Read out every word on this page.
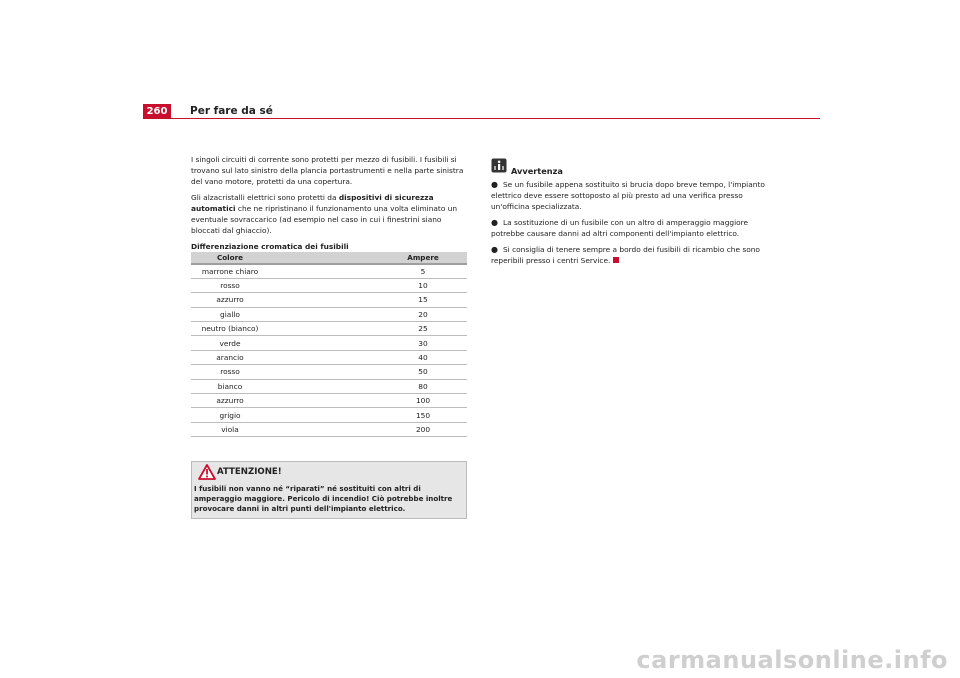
260	Per fare da sé

I singoli circuiti di corrente sono protetti per mezzo di fusibili. I fusibili si trovano sul lato sinistro della plancia portastrumenti e nella parte sinistra del vano motore, protetti da una copertura.

Gli alzacristalli elettrici sono protetti da dispositivi di sicurezza automatici che ne ripristinano il funzionamento una volta eliminato un eventuale sovraccarico (ad esempio nel caso in cui i finestrini siano bloccati dal ghiaccio).

Differenziazione cromatica dei fusibili

Colore	Ampere
marrone chiaro	5
rosso	10
azzurro	15
giallo	20
neutro (bianco)	25
verde	30
arancio	40
rosso	50
bianco	80
azzurro	100
grigio	150
viola	200
ATTENZIONE!
I fusibili non vanno né “riparati” né sostituiti con altri di amperaggio maggiore. Pericolo di incendio! Ciò potrebbe inoltre provocare danni in altri punti dell'impianto elettrico.
Avvertenza
● Se un fusibile appena sostituito si brucia dopo breve tempo, l'impianto elettrico deve essere sottoposto al più presto ad una verifica presso un'officina specializzata.
● La sostituzione di un fusibile con un altro di amperaggio maggiore potrebbe causare danni ad altri componenti dell'impianto elettrico.
● Si consiglia di tenere sempre a bordo dei fusibili di ricambio che sono reperibili presso i centri Service.
carmanualsonline.info
